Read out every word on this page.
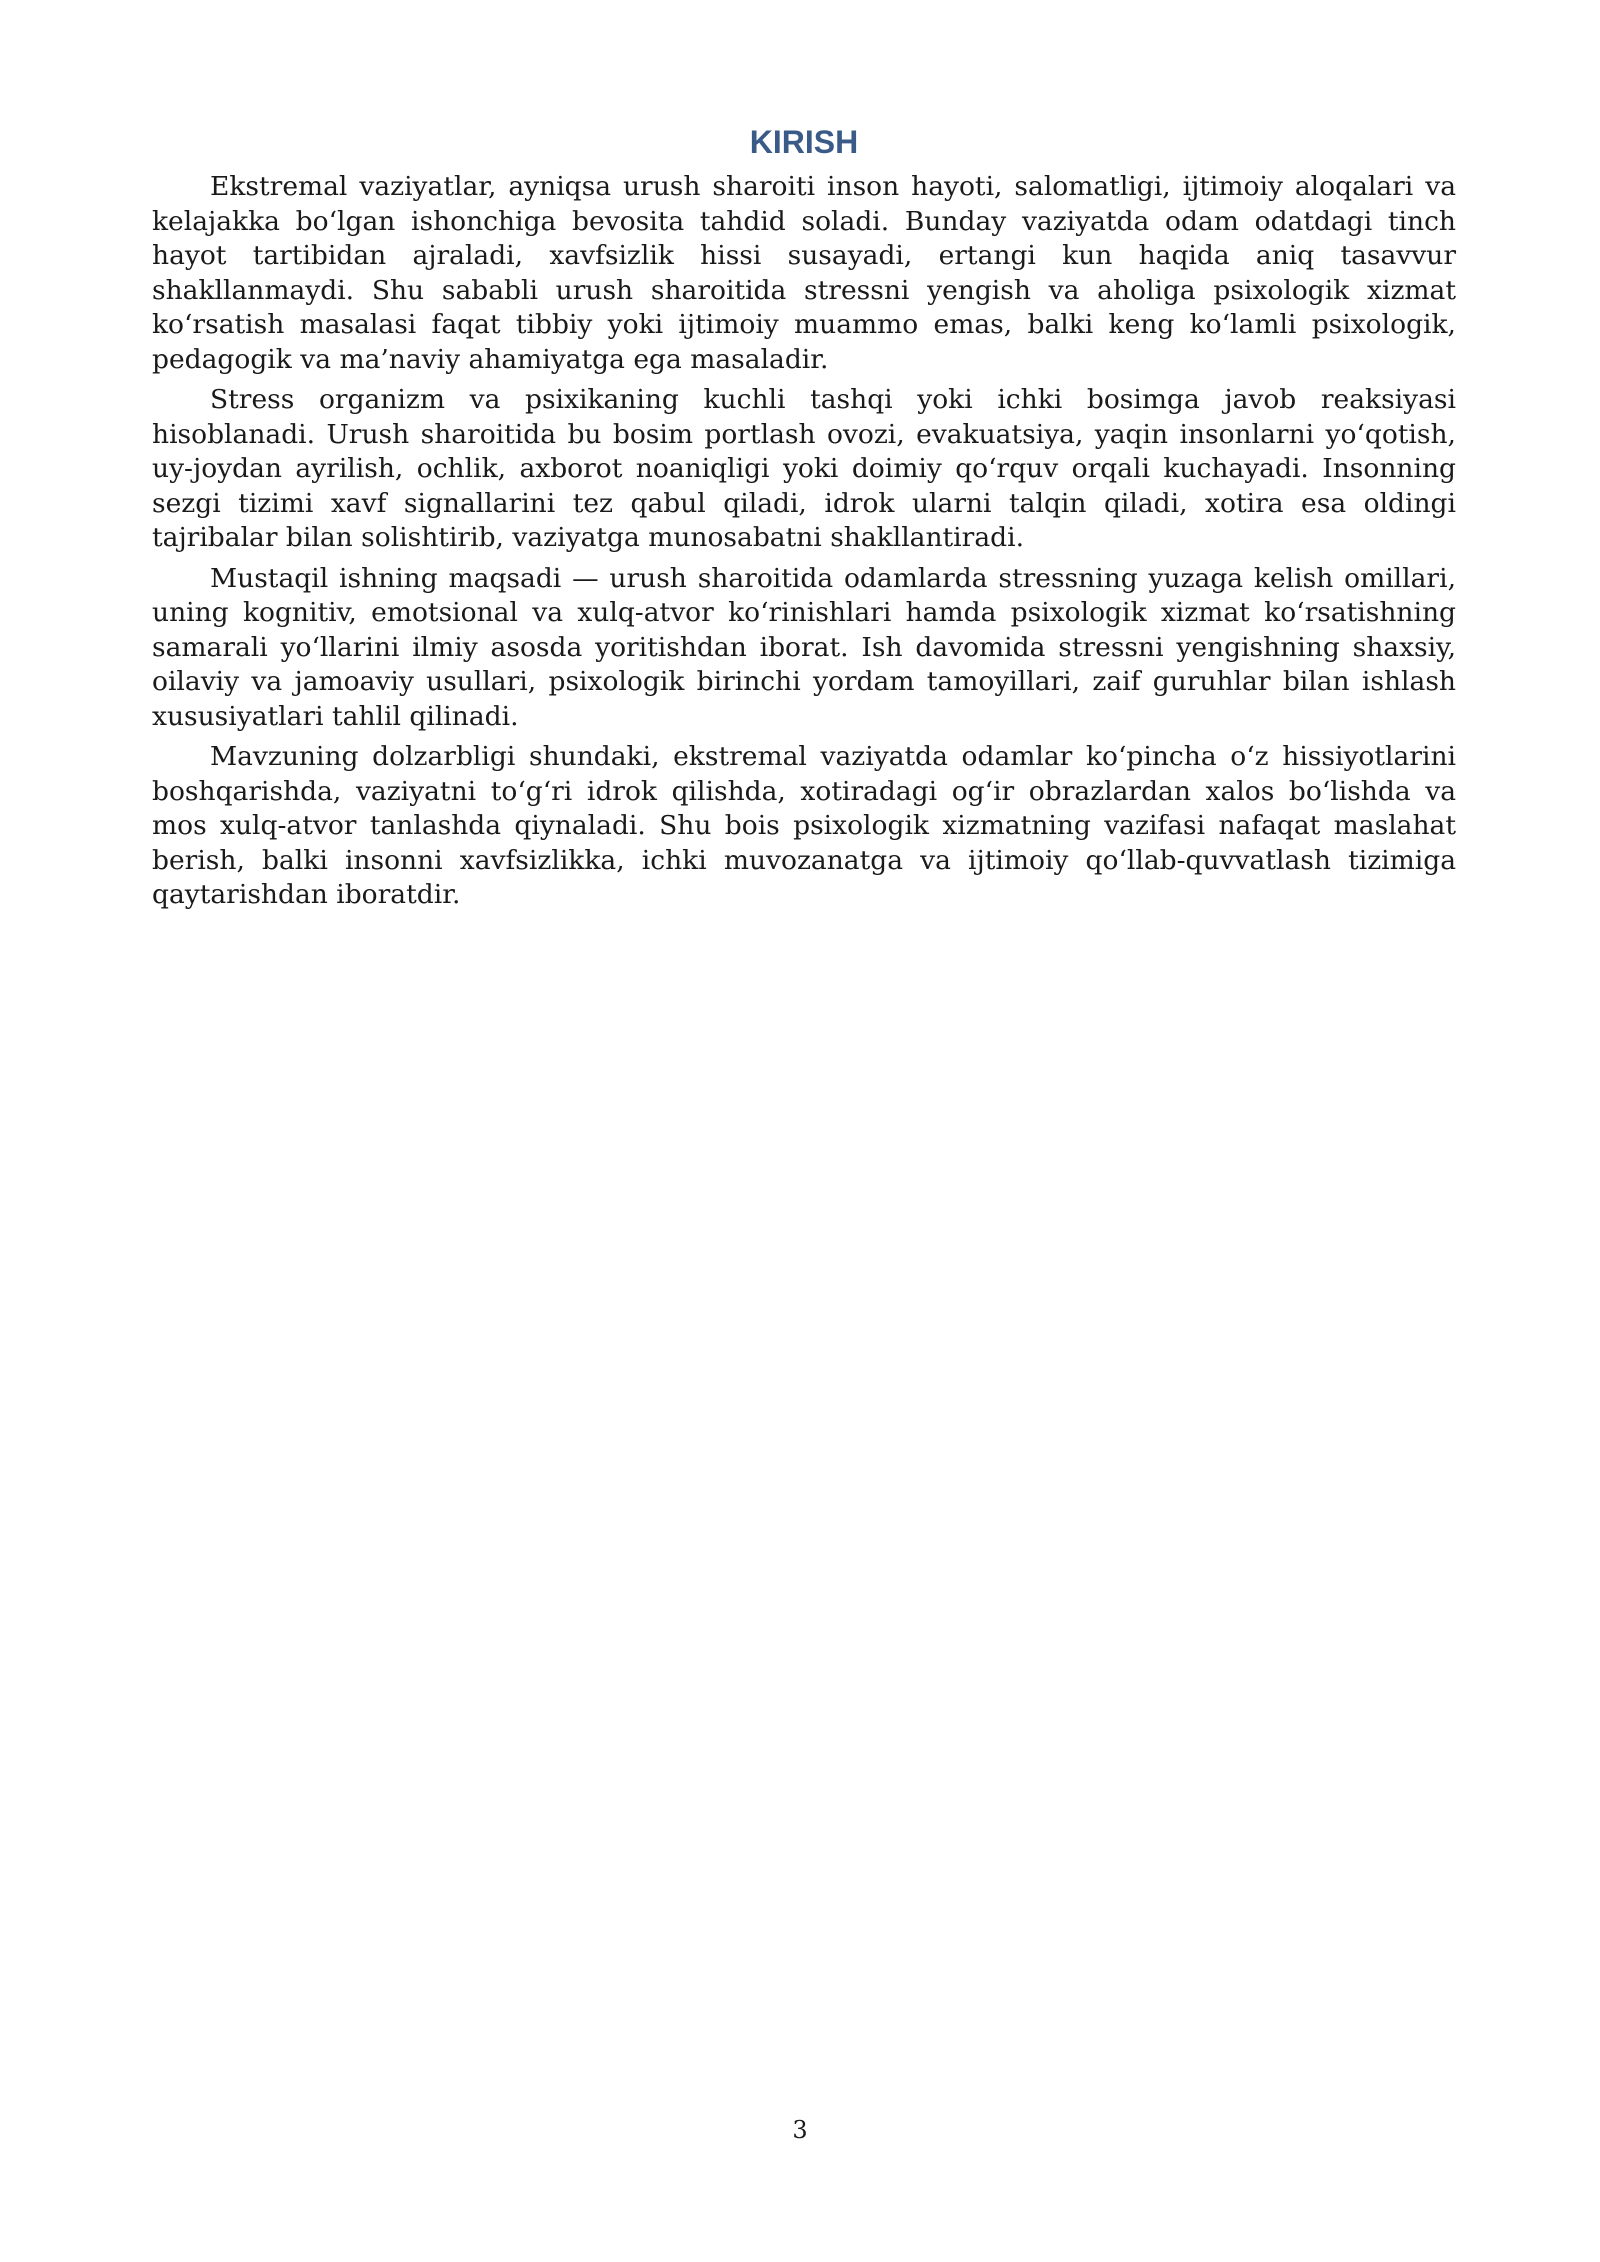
KIRISH

Ekstremal vaziyatlar, ayniqsa urush sharoiti inson hayoti, salomatligi, ijtimoiy aloqalari va kelajakka bo‘lgan ishonchiga bevosita tahdid soladi. Bunday vaziyatda odam odatdagi tinch hayot tartibidan ajraladi, xavfsizlik hissi susayadi, ertangi kun haqida aniq tasavvur shakllanmaydi. Shu sababli urush sharoitida stressni yengish va aholiga psixologik xizmat ko‘rsatish masalasi faqat tibbiy yoki ijtimoiy muammo emas, balki keng ko‘lamli psixologik, pedagogik va ma’naviy ahamiyatga ega masaladir.

Stress organizm va psixikaning kuchli tashqi yoki ichki bosimga javob reaksiyasi hisoblanadi. Urush sharoitida bu bosim portlash ovozi, evakuatsiya, yaqin insonlarni yo‘qotish, uy-joydan ayrilish, ochlik, axborot noaniqligi yoki doimiy qo‘rquv orqali kuchayadi. Insonning sezgi tizimi xavf signallarini tez qabul qiladi, idrok ularni talqin qiladi, xotira esa oldingi tajribalar bilan solishtirib, vaziyatga munosabatni shakllantiradi.

Mustaqil ishning maqsadi — urush sharoitida odamlarda stressning yuzaga kelish omillari, uning kognitiv, emotsional va xulq-atvor ko‘rinishlari hamda psixologik xizmat ko‘rsatishning samarali yo‘llarini ilmiy asosda yoritishdan iborat. Ish davomida stressni yengishning shaxsiy, oilaviy va jamoaviy usullari, psixologik birinchi yordam tamoyillari, zaif guruhlar bilan ishlash xususiyatlari tahlil qilinadi.

Mavzuning dolzarbligi shundaki, ekstremal vaziyatda odamlar ko‘pincha o‘z hissiyotlarini boshqarishda, vaziyatni to‘g‘ri idrok qilishda, xotiradagi og‘ir obrazlardan xalos bo‘lishda va mos xulq-atvor tanlashda qiynaladi. Shu bois psixologik xizmatning vazifasi nafaqat maslahat berish, balki insonni xavfsizlikka, ichki muvozanatga va ijtimoiy qo‘llab-quvvatlash tizimiga qaytarishdan iboratdir.

3
